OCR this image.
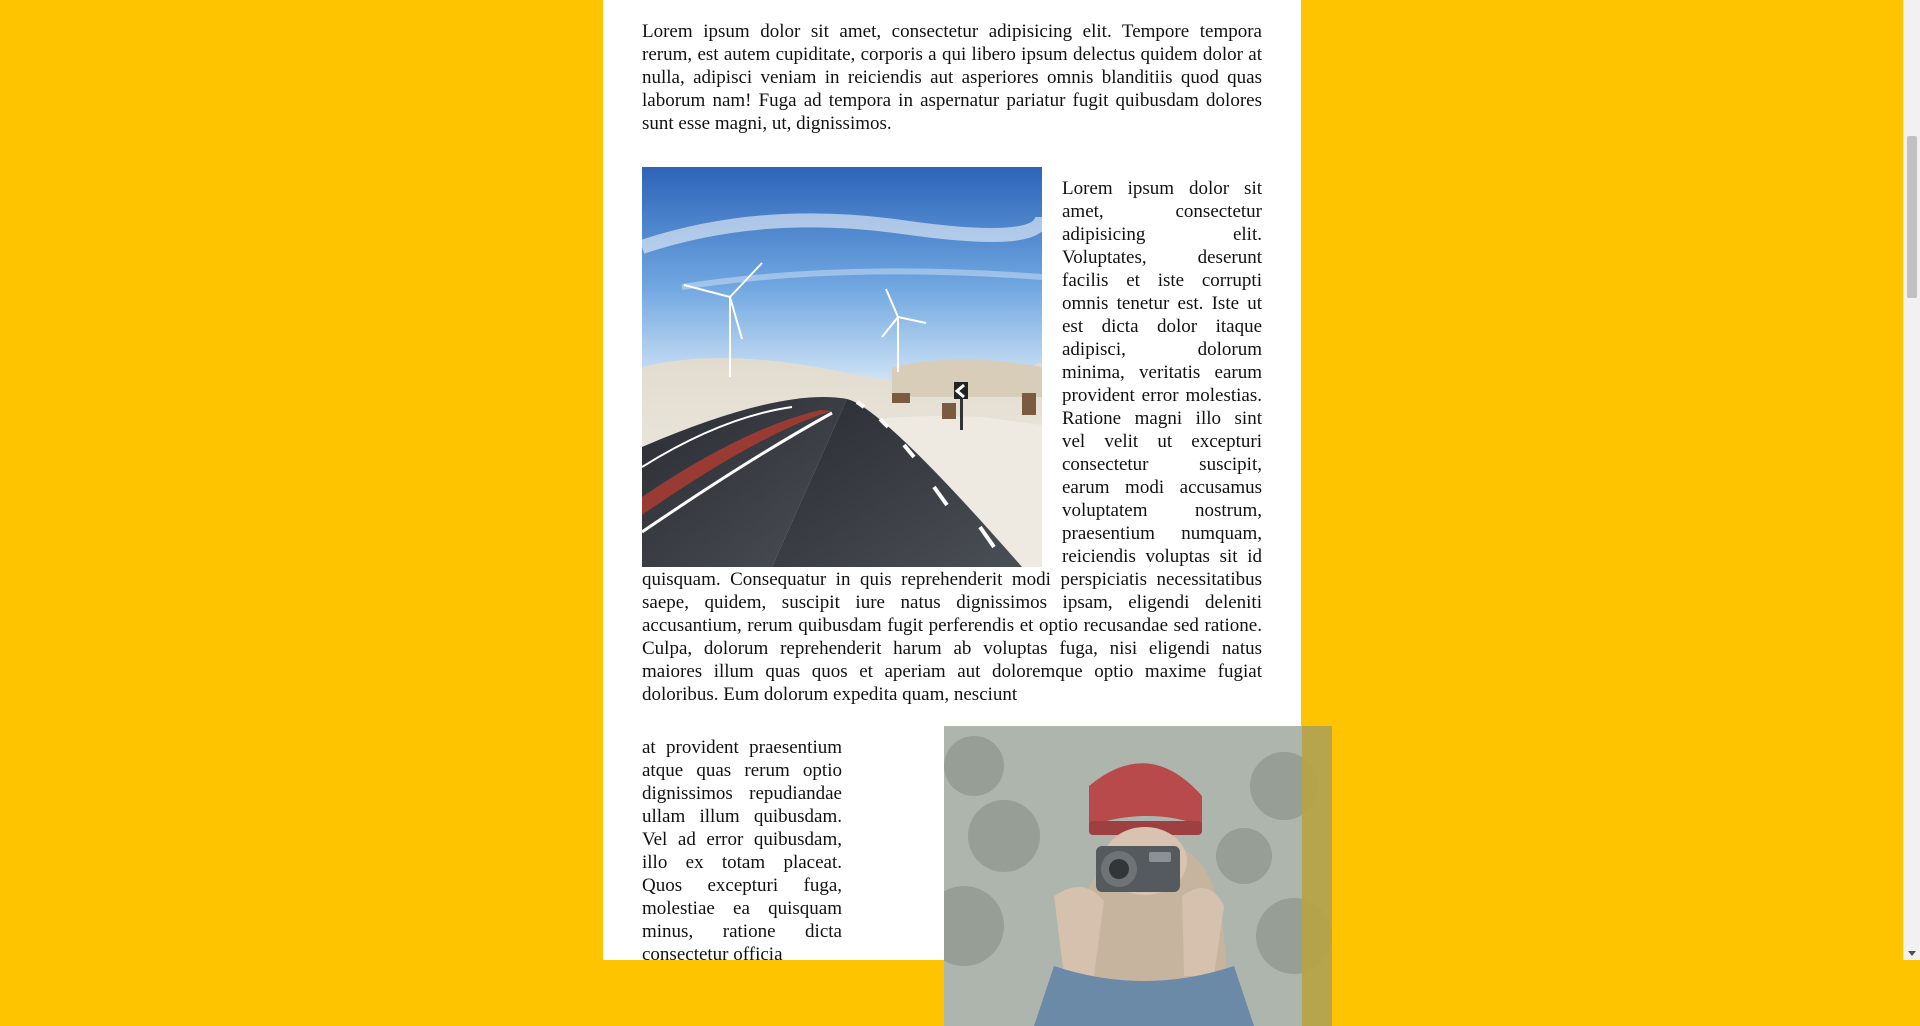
Lorem ipsum dolor sit amet, consectetur adipisicing elit. Tempore tempora rerum, est autem cupiditate, corporis a qui libero ipsum delectus quidem dolor at nulla, adipisci veniam in reiciendis aut asperiores omnis blanditiis quod quas laborum nam! Fuga ad tempora in aspernatur pariatur fugit quibusdam dolores sunt esse magni, ut, dignissimos.

Lorem ipsum dolor sit amet, consectetur adipisicing elit. Voluptates, deserunt facilis et iste corrupti omnis tenetur est. Iste ut est dicta dolor itaque adipisci, dolorum minima, veritatis earum provident error molestias. Ratione magni illo sint vel velit ut excepturi consectetur suscipit, earum modi accusamus voluptatem nostrum, praesentium numquam, reiciendis voluptas sit id quisquam. Consequatur in quis reprehenderit modi perspiciatis necessitatibus saepe, quidem, suscipit iure natus dignissimos ipsam, eligendi deleniti accusantium, rerum quibusdam fugit perferendis et optio recusandae sed ratione. Culpa, dolorum reprehenderit harum ab voluptas fuga, nisi eligendi natus maiores illum quas quos et aperiam aut doloremque optio maxime fugiat doloribus. Eum dolorum expedita quam, nesciunt

at provident praesentium atque quas rerum optio dignissimos repudiandae ullam illum quibusdam. Vel ad error quibusdam, illo ex totam placeat. Quos excepturi fuga, molestiae ea quisquam minus, ratione dicta consectetur officia
